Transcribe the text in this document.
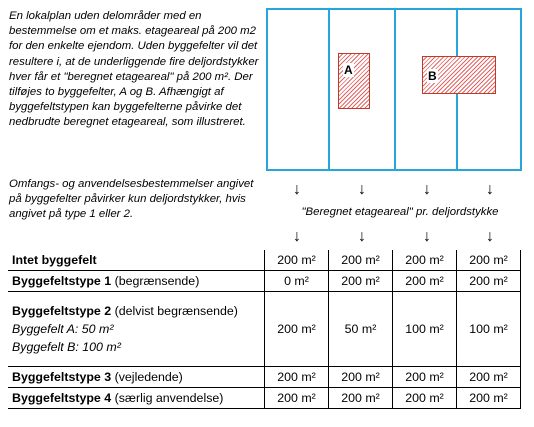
En lokalplan uden delområder med en bestemmelse om et maks. etageareal på 200 m2 for den enkelte ejendom. Uden byggefelter vil det resultere i, at de underliggende fire deljordstykker hver får et "beregnet etageareal" på 200 m². Der tilføjes to byggefelter, A og B. Afhængigt af byggefeltstypen kan byggefelterne påvirke det nedbrudte beregnet etageareal, som illustreret.
Omfangs- og anvendelsesbestemmelser angivet på byggefelter påvirker kun deljordstykker, hvis angivet på type 1 eller 2.
A	B
↓	↓	↓	↓
"Beregnet etageareal" pr. deljordstykke
↓	↓	↓	↓
Intet byggefelt	200 m²	200 m²	200 m²	200 m²
Byggefeltstype 1 (begrænsende)	0 m²	200 m²	200 m²	200 m²
Byggefeltstype 2 (delvist begrænsende)
Byggefelt A: 50 m²
Byggefelt B: 100 m²	200 m²	50 m²	100 m²	100 m²
Byggefeltstype 3 (vejledende)	200 m²	200 m²	200 m²	200 m²
Byggefeltstype 4 (særlig anvendelse)	200 m²	200 m²	200 m²	200 m²
